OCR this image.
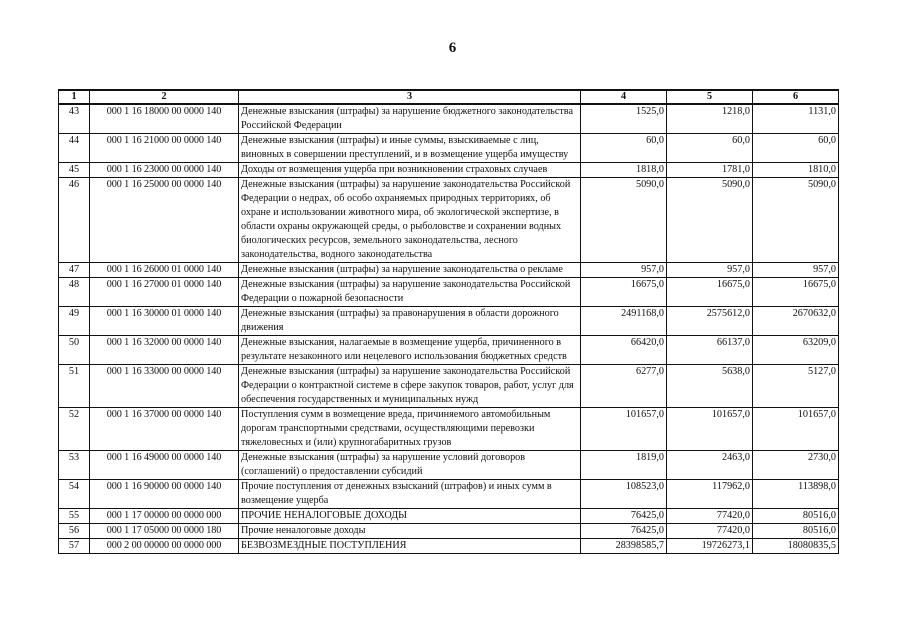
6
1	2	3	4	5	6
43	000 1 16 18000 00 0000 140	Денежные взыскания (штрафы) за нарушение бюджетного законодательства Российской Федерации	1525,0	1218,0	1131,0
44	000 1 16 21000 00 0000 140	Денежные взыскания (штрафы) и иные суммы, взыскиваемые с лиц, виновных в совершении преступлений, и в возмещение ущерба имуществу	60,0	60,0	60,0
45	000 1 16 23000 00 0000 140	Доходы от возмещения ущерба при возникновении страховых случаев	1818,0	1781,0	1810,0
46	000 1 16 25000 00 0000 140	Денежные взыскания (штрафы) за нарушение законодательства Российской Федерации о недрах, об особо охраняемых природных территориях, об охране и использовании животного мира, об экологической экспертизе, в области охраны окружающей среды, о рыболовстве и сохранении водных биологических ресурсов, земельного законодательства, лесного законодательства, водного законодательства	5090,0	5090,0	5090,0
47	000 1 16 26000 01 0000 140	Денежные взыскания (штрафы) за нарушение законодательства о рекламе	957,0	957,0	957,0
48	000 1 16 27000 01 0000 140	Денежные взыскания (штрафы) за нарушение законодательства Российской Федерации о пожарной безопасности	16675,0	16675,0	16675,0
49	000 1 16 30000 01 0000 140	Денежные взыскания (штрафы) за правонарушения в области дорожного движения	2491168,0	2575612,0	2670632,0
50	000 1 16 32000 00 0000 140	Денежные взыскания, налагаемые в возмещение ущерба, причиненного в результате незаконного или нецелевого использования бюджетных средств	66420,0	66137,0	63209,0
51	000 1 16 33000 00 0000 140	Денежные взыскания (штрафы) за нарушение законодательства Российской Федерации о контрактной системе в сфере закупок товаров, работ, услуг для обеспечения государственных и муниципальных нужд	6277,0	5638,0	5127,0
52	000 1 16 37000 00 0000 140	Поступления сумм в возмещение вреда, причиняемого автомобильным дорогам транспортными средствами, осуществляющими перевозки тяжеловесных и (или) крупногабаритных грузов	101657,0	101657,0	101657,0
53	000 1 16 49000 00 0000 140	Денежные взыскания (штрафы) за нарушение условий договоров (соглашений) о предоставлении субсидий	1819,0	2463,0	2730,0
54	000 1 16 90000 00 0000 140	Прочие поступления от денежных взысканий (штрафов) и иных сумм в возмещение ущерба	108523,0	117962,0	113898,0
55	000 1 17 00000 00 0000 000	ПРОЧИЕ НЕНАЛОГОВЫЕ ДОХОДЫ	76425,0	77420,0	80516,0
56	000 1 17 05000 00 0000 180	Прочие неналоговые доходы	76425,0	77420,0	80516,0
57	000 2 00 00000 00 0000 000	БЕЗВОЗМЕЗДНЫЕ ПОСТУПЛЕНИЯ	28398585,7	19726273,1	18080835,5
